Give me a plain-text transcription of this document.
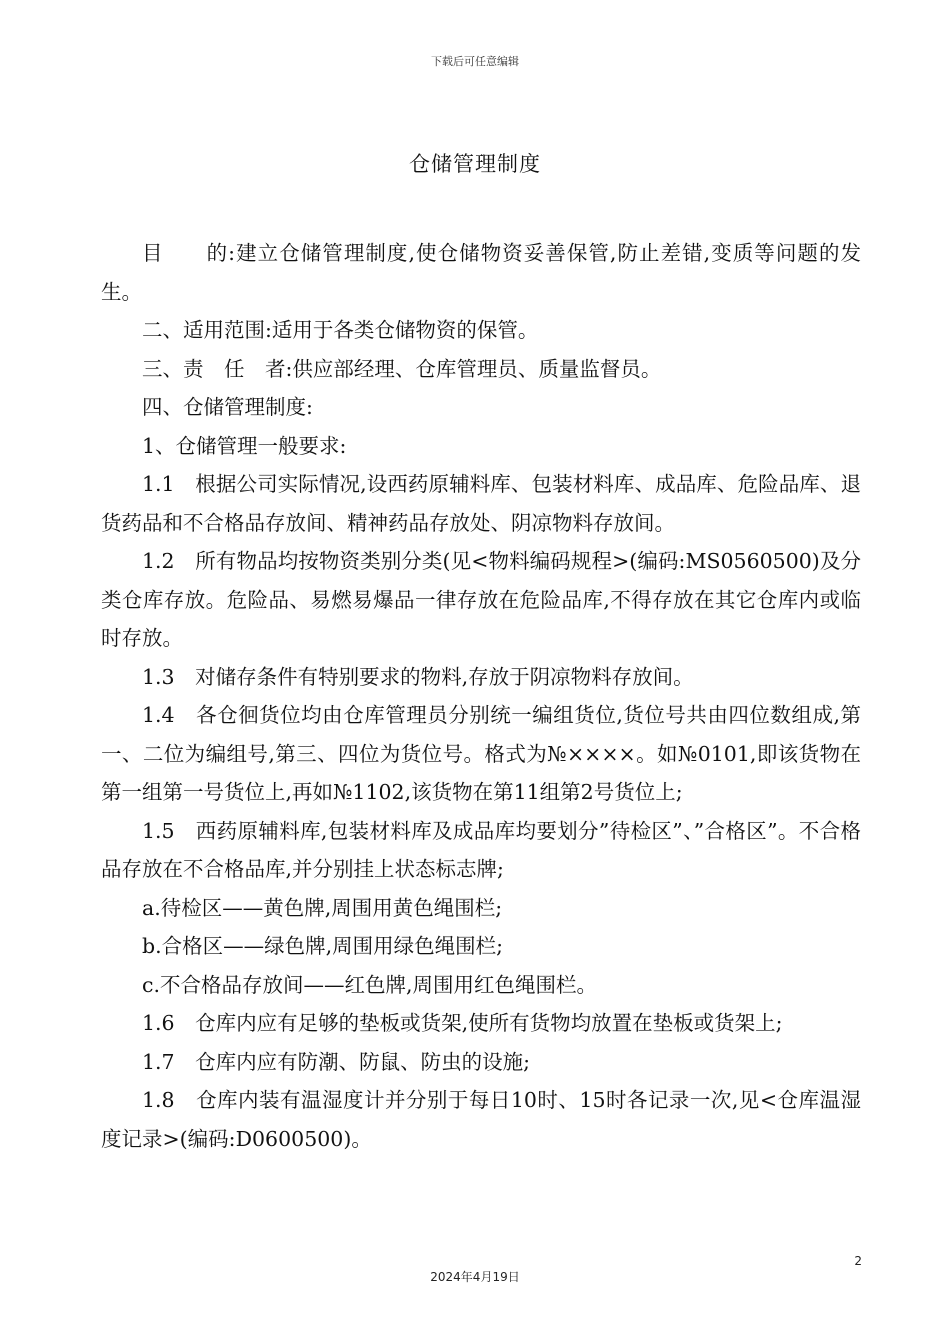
下载后可任意编辑
仓储管理制度

目　　的:建立仓储管理制度,使仓储物资妥善保管,防止差错,变质等问题的发生。

二、适用范围:适用于各类仓储物资的保管。

三、责　任　者:供应部经理、仓库管理员、质量监督员。

四、仓储管理制度:

1、仓储管理一般要求:

1.1　根据公司实际情况,设西药原辅料库、包装材料库、成品库、危险品库、退货药品和不合格品存放间、精神药品存放处、阴凉物料存放间。

1.2　所有物品均按物资类别分类(见<物料编码规程>(编码:MS0560500)及分类仓库存放。危险品、易燃易爆品一律存放在危险品库,不得存放在其它仓库内或临时存放。

1.3　对储存条件有特别要求的物料,存放于阴凉物料存放间。

1.4　各仓徊货位均由仓库管理员分别统一编组货位,货位号共由四位数组成,第一、二位为编组号,第三、四位为货位号。格式为№××××。如№0101,即该货物在第一组第一号货位上,再如№1102,该货物在第11组第2号货位上;

1.5　西药原辅料库,包装材料库及成品库均要划分”待检区”、”合格区”。不合格品存放在不合格品库,并分别挂上状态标志牌;

a.待检区——黄色牌,周围用黄色绳围栏;

b.合格区——绿色牌,周围用绿色绳围栏;

c.不合格品存放间——红色牌,周围用红色绳围栏。

1.6　仓库内应有足够的垫板或货架,使所有货物均放置在垫板或货架上;

1.7　仓库内应有防潮、防鼠、防虫的设施;

1.8　仓库内装有温湿度计并分别于每日10时、15时各记录一次,见<仓库温湿度记录>(编码:D0600500)。

2
2024年4月19日
